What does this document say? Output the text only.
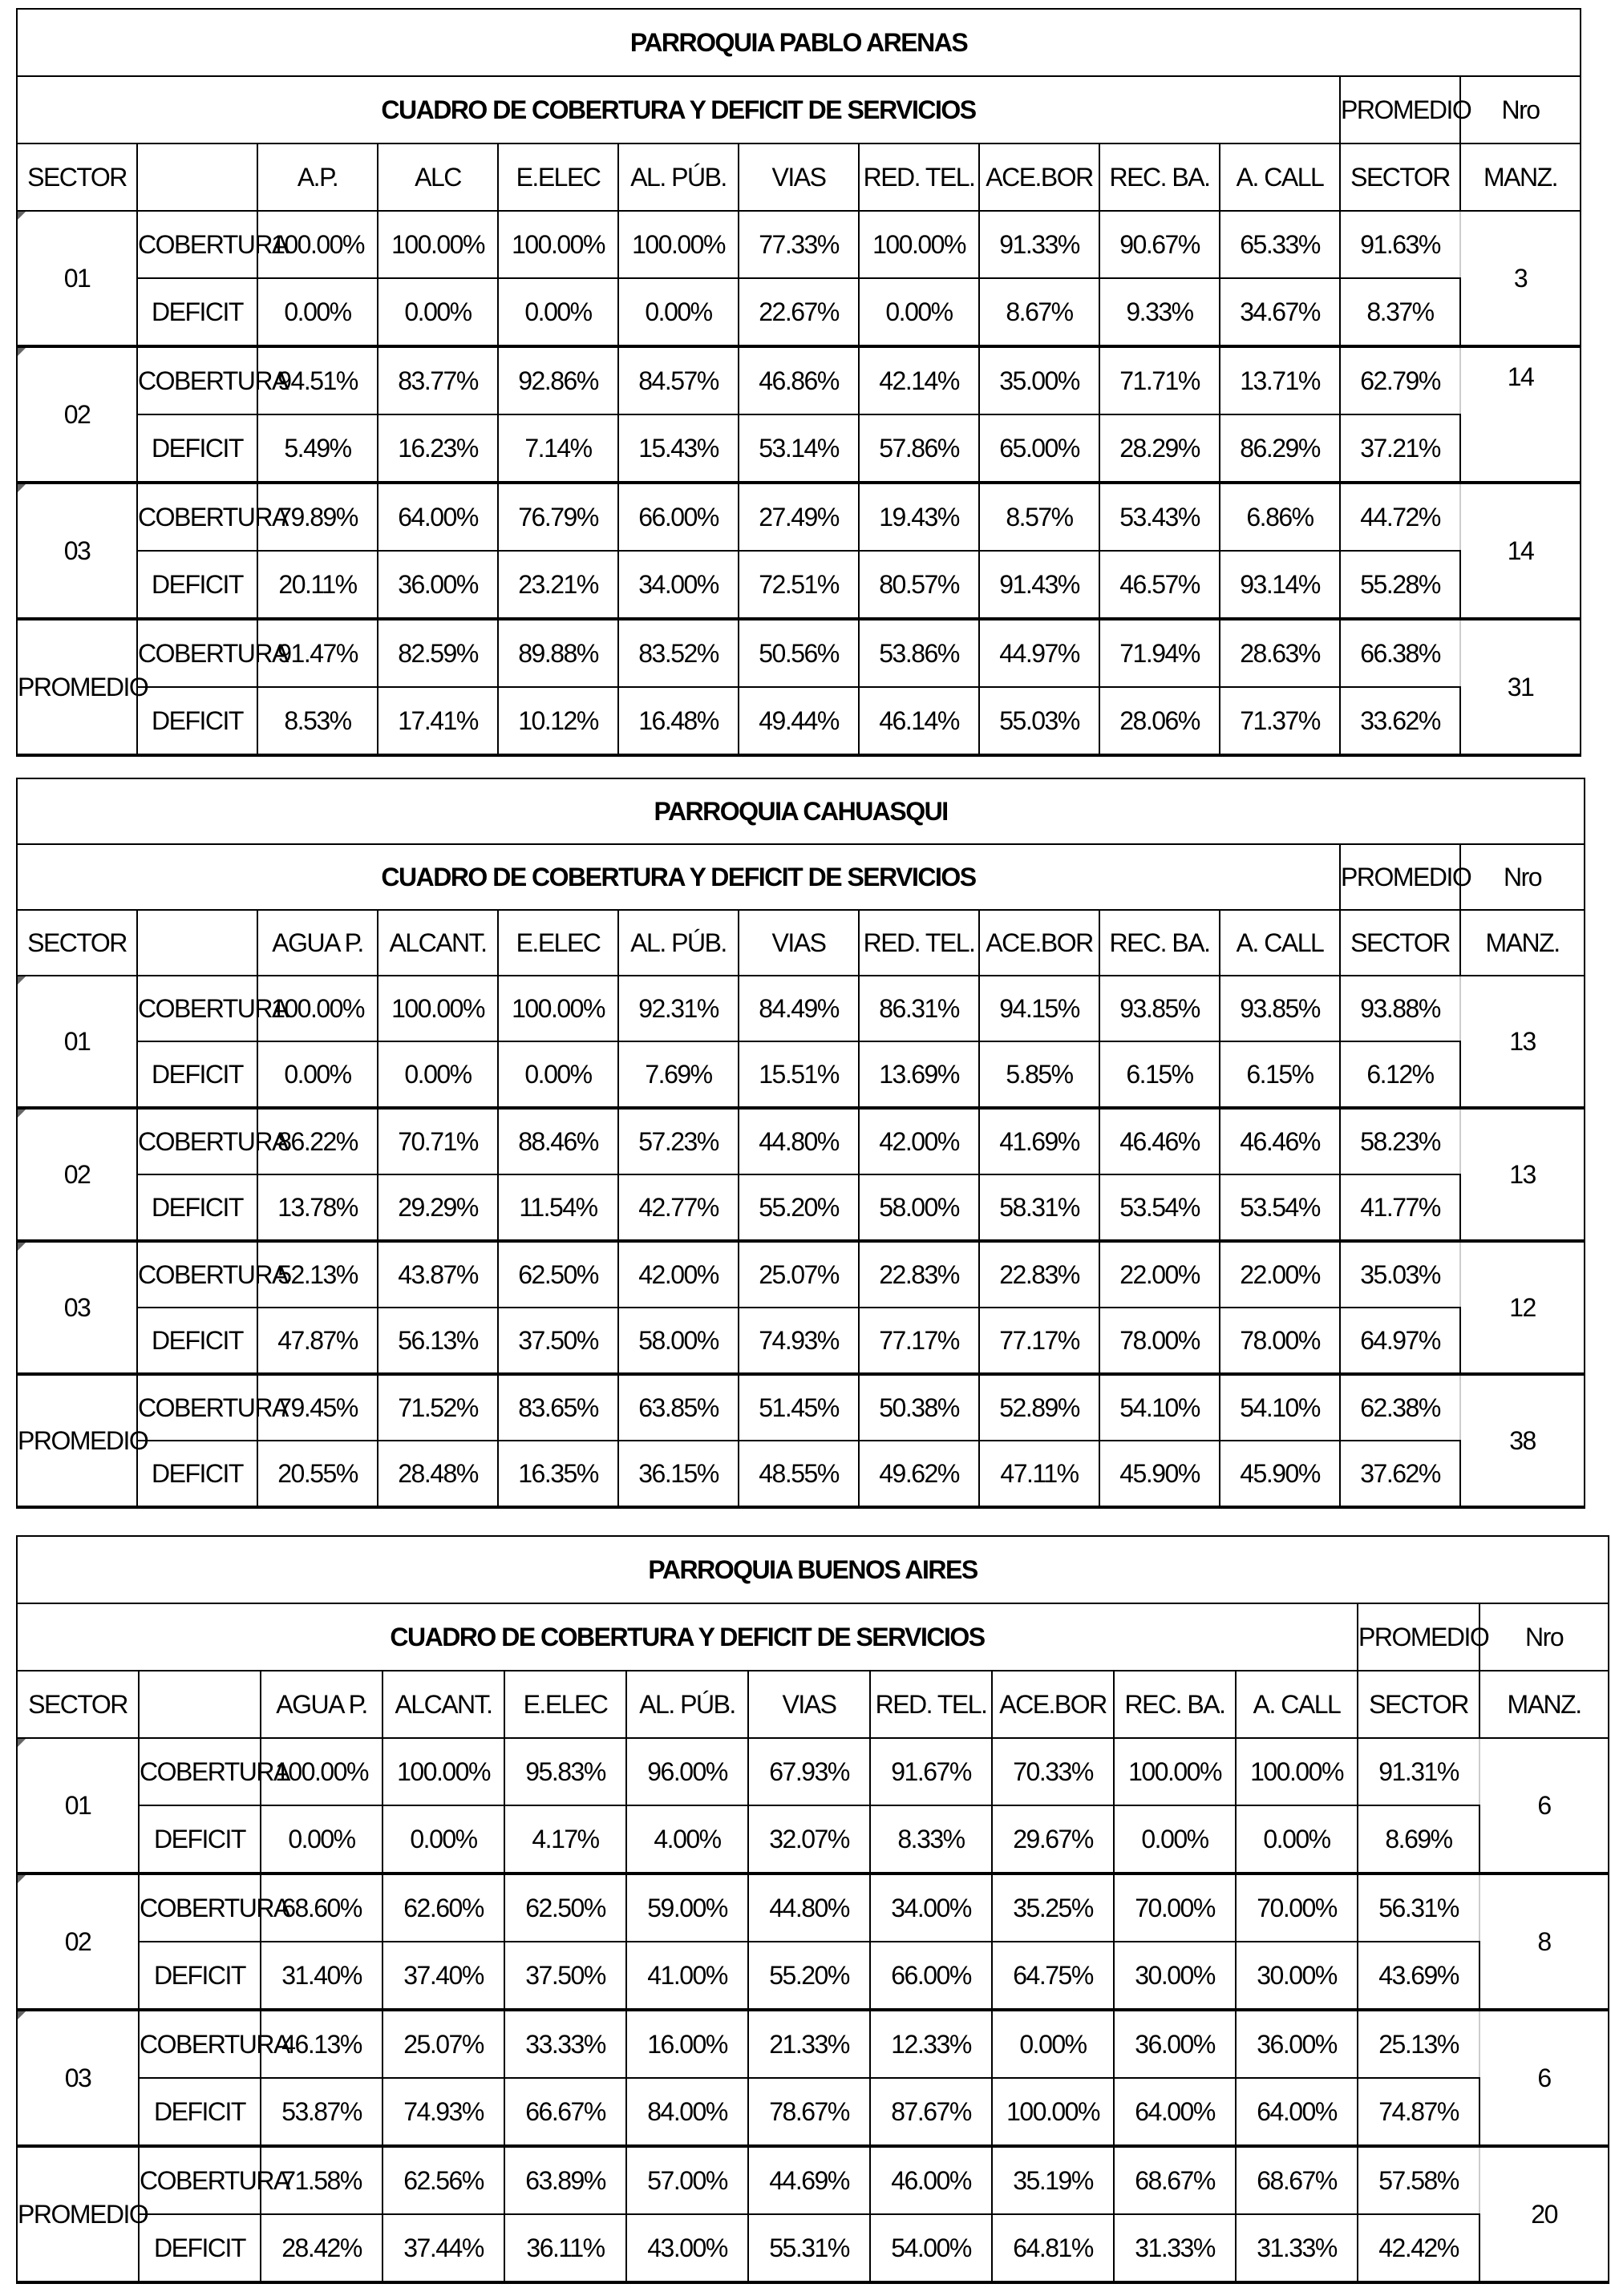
PARROQUIA PABLO ARENAS												
CUADRO DE COBERTURA Y DEFICIT DE SERVICIOS											PROMEDIO	Nro
SECTOR		A.P.	ALC	E.ELEC	AL. PÚB.	VIAS	RED. TEL.	ACE.BOR	REC. BA.	A. CALL	SECTOR	MANZ.

01	COBERTURA	100.00%	100.00%	100.00%	100.00%	77.33%	100.00%	91.33%	90.67%	65.33%	91.63%	3
	DEFICIT	0.00%	0.00%	0.00%	0.00%	22.67%	0.00%	8.67%	9.33%	34.67%	8.37%	

02	COBERTURA	94.51%	83.77%	92.86%	84.57%	46.86%	42.14%	35.00%	71.71%	13.71%	62.79%	14
	DEFICIT	5.49%	16.23%	7.14%	15.43%	53.14%	57.86%	65.00%	28.29%	86.29%	37.21%	

03	COBERTURA	79.89%	64.00%	76.79%	66.00%	27.49%	19.43%	8.57%	53.43%	6.86%	44.72%	14
	DEFICIT	20.11%	36.00%	23.21%	34.00%	72.51%	80.57%	91.43%	46.57%	93.14%	55.28%	
PROMEDIO	COBERTURA	91.47%	82.59%	89.88%	83.52%	50.56%	53.86%	44.97%	71.94%	28.63%	66.38%	31
	DEFICIT	8.53%	17.41%	10.12%	16.48%	49.44%	46.14%	55.03%	28.06%	71.37%	33.62%	
PARROQUIA CAHUASQUI												
CUADRO DE COBERTURA Y DEFICIT DE SERVICIOS											PROMEDIO	Nro
SECTOR		AGUA P.	ALCANT.	E.ELEC	AL. PÚB.	VIAS	RED. TEL.	ACE.BOR	REC. BA.	A. CALL	SECTOR	MANZ.

01	COBERTURA	100.00%	100.00%	100.00%	92.31%	84.49%	86.31%	94.15%	93.85%	93.85%	93.88%	13
	DEFICIT	0.00%	0.00%	0.00%	7.69%	15.51%	13.69%	5.85%	6.15%	6.15%	6.12%	

02	COBERTURA	86.22%	70.71%	88.46%	57.23%	44.80%	42.00%	41.69%	46.46%	46.46%	58.23%	13
	DEFICIT	13.78%	29.29%	11.54%	42.77%	55.20%	58.00%	58.31%	53.54%	53.54%	41.77%	

03	COBERTURA	52.13%	43.87%	62.50%	42.00%	25.07%	22.83%	22.83%	22.00%	22.00%	35.03%	12
	DEFICIT	47.87%	56.13%	37.50%	58.00%	74.93%	77.17%	77.17%	78.00%	78.00%	64.97%	
PROMEDIO	COBERTURA	79.45%	71.52%	83.65%	63.85%	51.45%	50.38%	52.89%	54.10%	54.10%	62.38%	38
	DEFICIT	20.55%	28.48%	16.35%	36.15%	48.55%	49.62%	47.11%	45.90%	45.90%	37.62%	
PARROQUIA BUENOS AIRES												
CUADRO DE COBERTURA Y DEFICIT DE SERVICIOS											PROMEDIO	Nro
SECTOR		AGUA P.	ALCANT.	E.ELEC	AL. PÚB.	VIAS	RED. TEL.	ACE.BOR	REC. BA.	A. CALL	SECTOR	MANZ.

01	COBERTURA	100.00%	100.00%	95.83%	96.00%	67.93%	91.67%	70.33%	100.00%	100.00%	91.31%	6
	DEFICIT	0.00%	0.00%	4.17%	4.00%	32.07%	8.33%	29.67%	0.00%	0.00%	8.69%	

02	COBERTURA	68.60%	62.60%	62.50%	59.00%	44.80%	34.00%	35.25%	70.00%	70.00%	56.31%	8
	DEFICIT	31.40%	37.40%	37.50%	41.00%	55.20%	66.00%	64.75%	30.00%	30.00%	43.69%	

03	COBERTURA	46.13%	25.07%	33.33%	16.00%	21.33%	12.33%	0.00%	36.00%	36.00%	25.13%	6
	DEFICIT	53.87%	74.93%	66.67%	84.00%	78.67%	87.67%	100.00%	64.00%	64.00%	74.87%	
PROMEDIO	COBERTURA	71.58%	62.56%	63.89%	57.00%	44.69%	46.00%	35.19%	68.67%	68.67%	57.58%	20
	DEFICIT	28.42%	37.44%	36.11%	43.00%	55.31%	54.00%	64.81%	31.33%	31.33%	42.42%	
